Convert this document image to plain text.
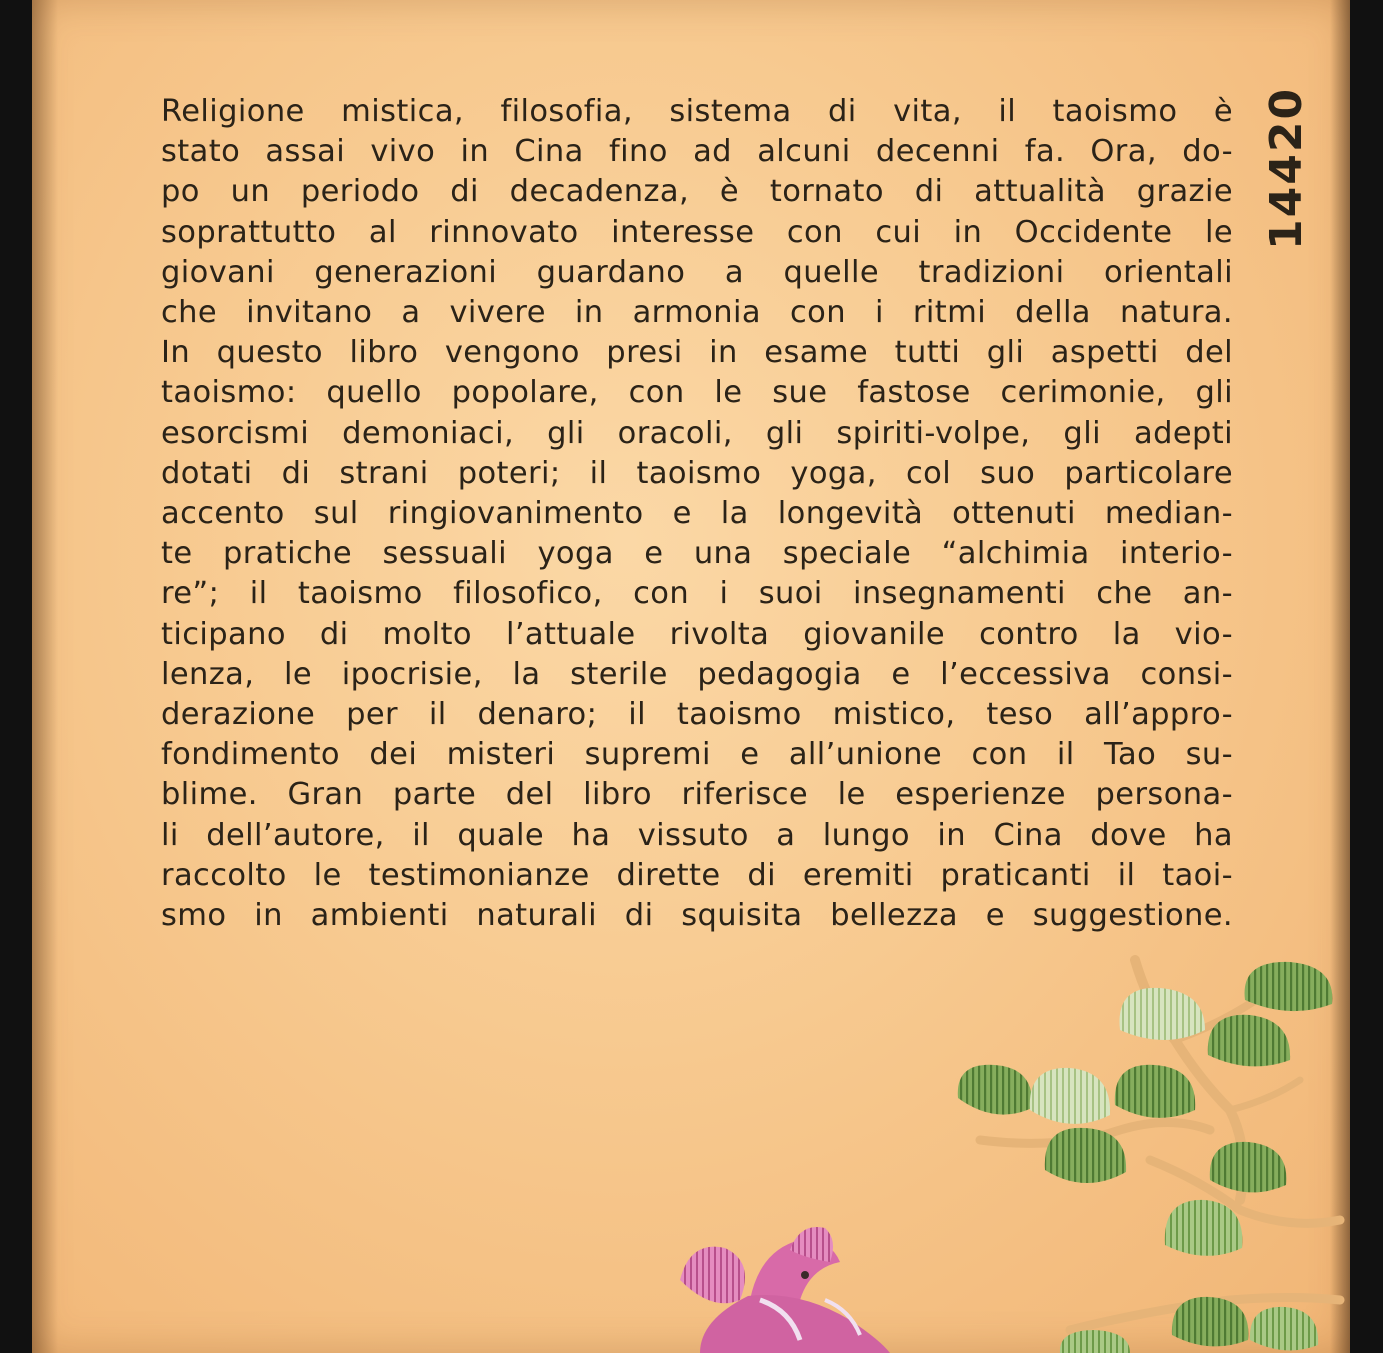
Religione mistica, filosofia, sistema di vita, il taoismo è
stato assai vivo in Cina fino ad alcuni decenni fa. Ora, do-
po un periodo di decadenza, è tornato di attualità grazie
soprattutto al rinnovato interesse con cui in Occidente le
giovani generazioni guardano a quelle tradizioni orientali
che invitano a vivere in armonia con i ritmi della natura.
In questo libro vengono presi in esame tutti gli aspetti del
taoismo: quello popolare, con le sue fastose cerimonie, gli
esorcismi demoniaci, gli oracoli, gli spiriti-volpe, gli adepti
dotati di strani poteri; il taoismo yoga, col suo particolare
accento sul ringiovanimento e la longevità ottenuti median-
te pratiche sessuali yoga e una speciale “alchimia interio-
re”; il taoismo filosofico, con i suoi insegnamenti che an-
ticipano di molto l’attuale rivolta giovanile contro la vio-
lenza, le ipocrisie, la sterile pedagogia e l’eccessiva consi-
derazione per il denaro; il taoismo mistico, teso all’appro-
fondimento dei misteri supremi e all’unione con il Tao su-
blime. Gran parte del libro riferisce le esperienze persona-
li dell’autore, il quale ha vissuto a lungo in Cina dove ha
raccolto le testimonianze dirette di eremiti praticanti il taoi-
smo in ambienti naturali di squisita bellezza e suggestione.

14420
